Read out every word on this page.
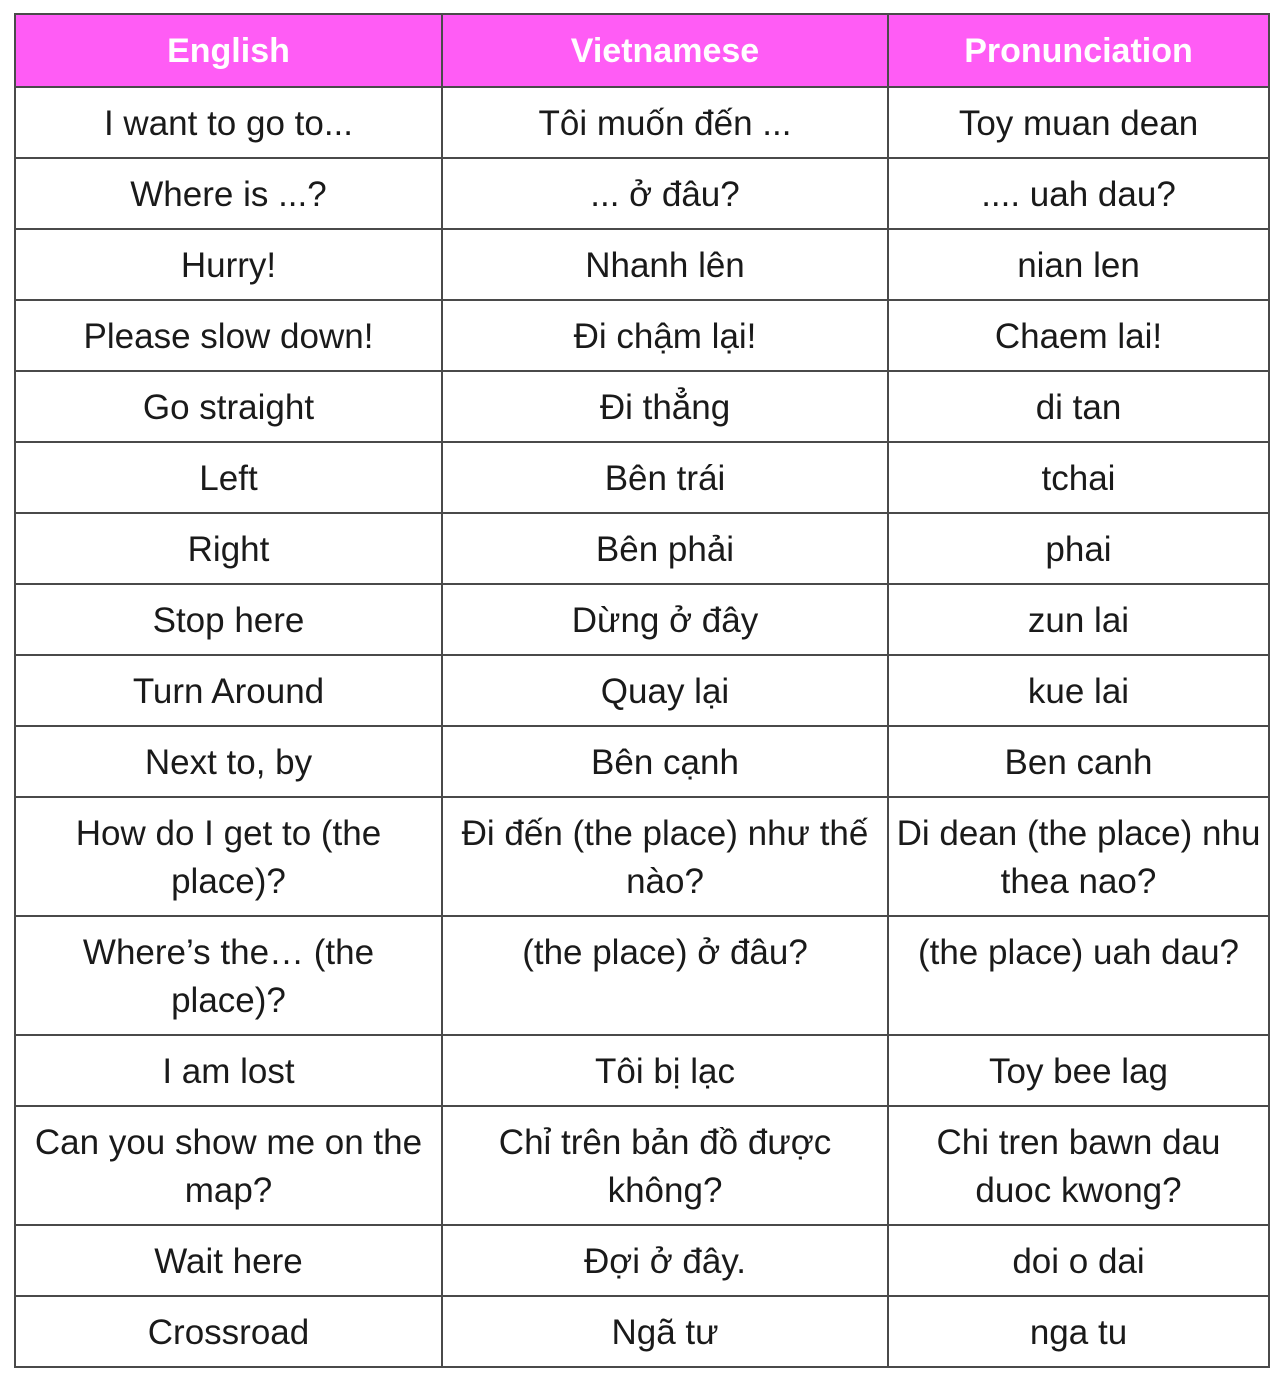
English	Vietnamese	Pronunciation
I want to go to...	Tôi muốn đến ...	Toy muan dean
Where is ...?	... ở đâu?	.... uah dau?
Hurry!	Nhanh lên	nian len
Please slow down!	Đi chậm lại!	Chaem lai!
Go straight	Đi thẳng	di tan
Left	Bên trái	tchai
Right	Bên phải	phai
Stop here	Dừng ở đây	zun lai
Turn Around	Quay lại	kue lai
Next to, by	Bên cạnh	Ben canh
How do I get to (the place)?	Đi đến (the place) như thế nào?	Di dean (the place) nhu thea nao?
Where’s the… (the place)?	(the place) ở đâu?	(the place) uah dau?
I am lost	Tôi bị lạc	Toy bee lag
Can you show me on the map?	Chỉ trên bản đồ được không?	Chi tren bawn dau duoc kwong?
Wait here	Đợi ở đây.	doi o dai
Crossroad	Ngã tư	nga tu
